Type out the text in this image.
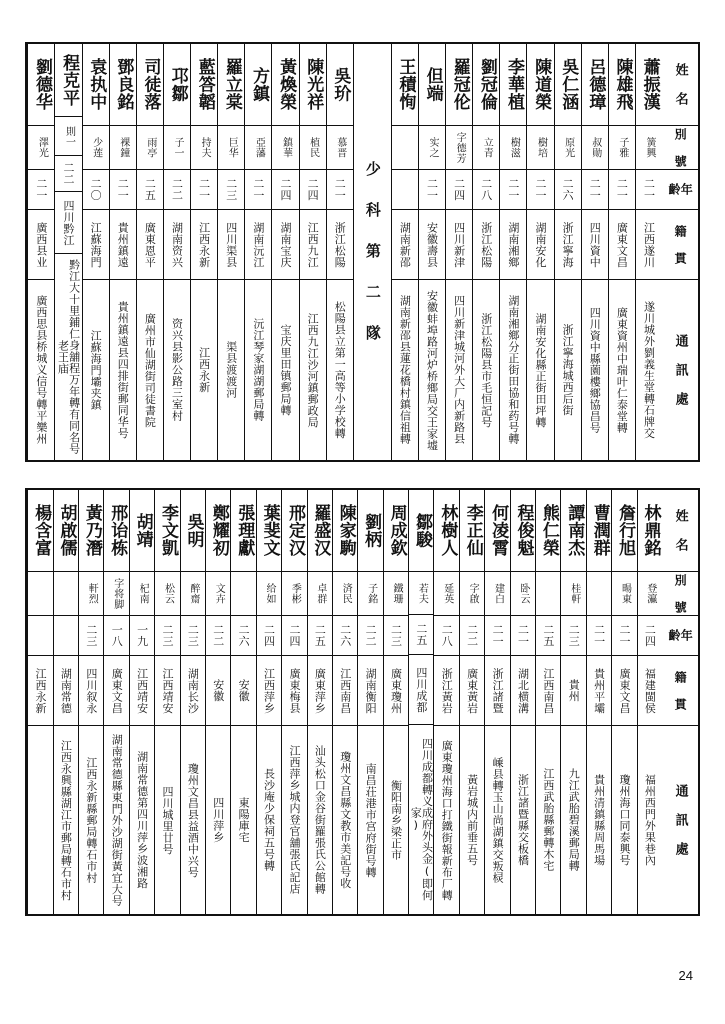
姓 名
別 號
年 齡
籍 貫
通 訊 處
蕭振漢
簧興
二一
江西遂川
遂川城外劉義生堂轉石牌交
陳雄飛
子雅
二一
廣東文昌
廣東資州中瑞叶仁泰堂轉
呂德璋
叔勛
二一
四川資中
四川資中縣薗樓鄉協昌号
吳仁涵
原光
二六
浙江寧海
浙江寧海城西后街
陳道榮
樹培
二一
湖南安化
湖南安化縣正街田坪轉
李華植
樹滋
二一
湖南湘鄉
湖南湘鄉分正街田協和药号轉
劉冠倫
立青
二八
浙江松陽
浙江松陽县市毛恒記号
羅冠伦
字德芳
二四
四川新津
四川新津城河外大厂内新路县
但端
实之
二一
安徽壽县
安徽蚌埠路河炉桥鄉局交王家墟
王積恂
湖南新邵
湖南新邵县蓮花橋村鎮信祖轉
少 科 第 二 隊
吳玠
慕晋
二一
浙江松陽
松陽县立第一高等小学校轉
陳光祥
植民
二四
江西九江
江西九江沙河鎮郵政局
黃煥榮
鎮華
二四
湖南宝庆
宝庆里田镇郵局轉
方鎮
亞藩
二一
湖南沅江
沅江琴家湖湖郵局轉
羅立棠
巨华
二三
四川渠县
渠县渡渡河
藍答韜
持夫
二一
江西永新
江西永新
邛鄒
子一
二二
湖南资兴
资兴县影公路三室村
司徒落
雨亭
二五
廣東恩平
廣州市仙湖街司徒書院
鄧良銘
裸鐘
二一
貴州鎮遠
貴州鎮遠县四排街郵同华号
袁执中
少莲
二〇
江蘇海門
江蘇海門壩夹鎮
程克平
則一
二二
四川黔江
黔江大十里鋪仁身舖程万年轉有同名号老王庙
劉德华
澤光
二一
廣西县业
廣西思县桥城义信号轉平樂州
姓 名
別 號
年 齡
籍 貫
通 訊 處
林鼎銘
登灜
二四
福建閩侯
福州西門外果巷內
詹行旭
暘東
二一
廣東文昌
瓊州海口同泰興号
曹潤群
二一
貴州平壩
貴州清鎮縣周馬場
譚南杰
桂軒
二三
貴州
九江武胎碧溪郵局轉
熊仁榮
二五
江西南昌
江西武胎縣郵轉木宅
程俊魁
卧云
二一
湖北横溝
浙江諸暨縣交板橋
何凌霄
建白
二一
浙江諸暨
嵊县轉玉山尚湖鎮交叛棂
李正仙
字啟
二二
廣東黃岩
黃岩城内前垂五号
林樹人
延英
二八
浙江黃岩
廣東瓊州海口打鐵街報新布厂轉
鄒駿
若夫
二五
四川成都
四川成都轉义成府外头金(即何家)
周成欽
鐵珊
二三
廣東瓊州
衡阳南乡梁正市
劉柄
子銘
二二
湖南衡阳
南昌荘港市宫府街号轉
陳家駒
済民
二六
江西南昌
瓊州文昌縣文教市美記号收
羅盛汉
卓群
二五
廣東萍乡
汕头松口金谷街羅張氏公館轉
邢定汉
季彬
二四
廣東梅县
江西萍乡城内登官舖張氏記店
葉斐文
给如
二四
江西萍乡
長沙庵少保祠五号轉
張理獻
二六
安徽
東陽庫宅
鄭耀初
文卉
二二
安徽
四川萍乡
吳明
醉齋
二三
湖南长沙
瓊州文昌县益酒中兴号
李文凱
松云
二三
江西靖安
四川城里廿号
胡靖
杞南
一九
江西靖安
湖南常德第四川萍乡波湘路
邢诒栋
字将脚
一八
廣東文昌
湖南常德縣東門外沙湖街黃宜大号
黃乃潛
軒烈
二三
四川叙永
江西永新縣郵局轉石市村
胡啟儒
湖南常德
江西永興縣湖江市郵局轉石市村
楊含富
江西永新
24
